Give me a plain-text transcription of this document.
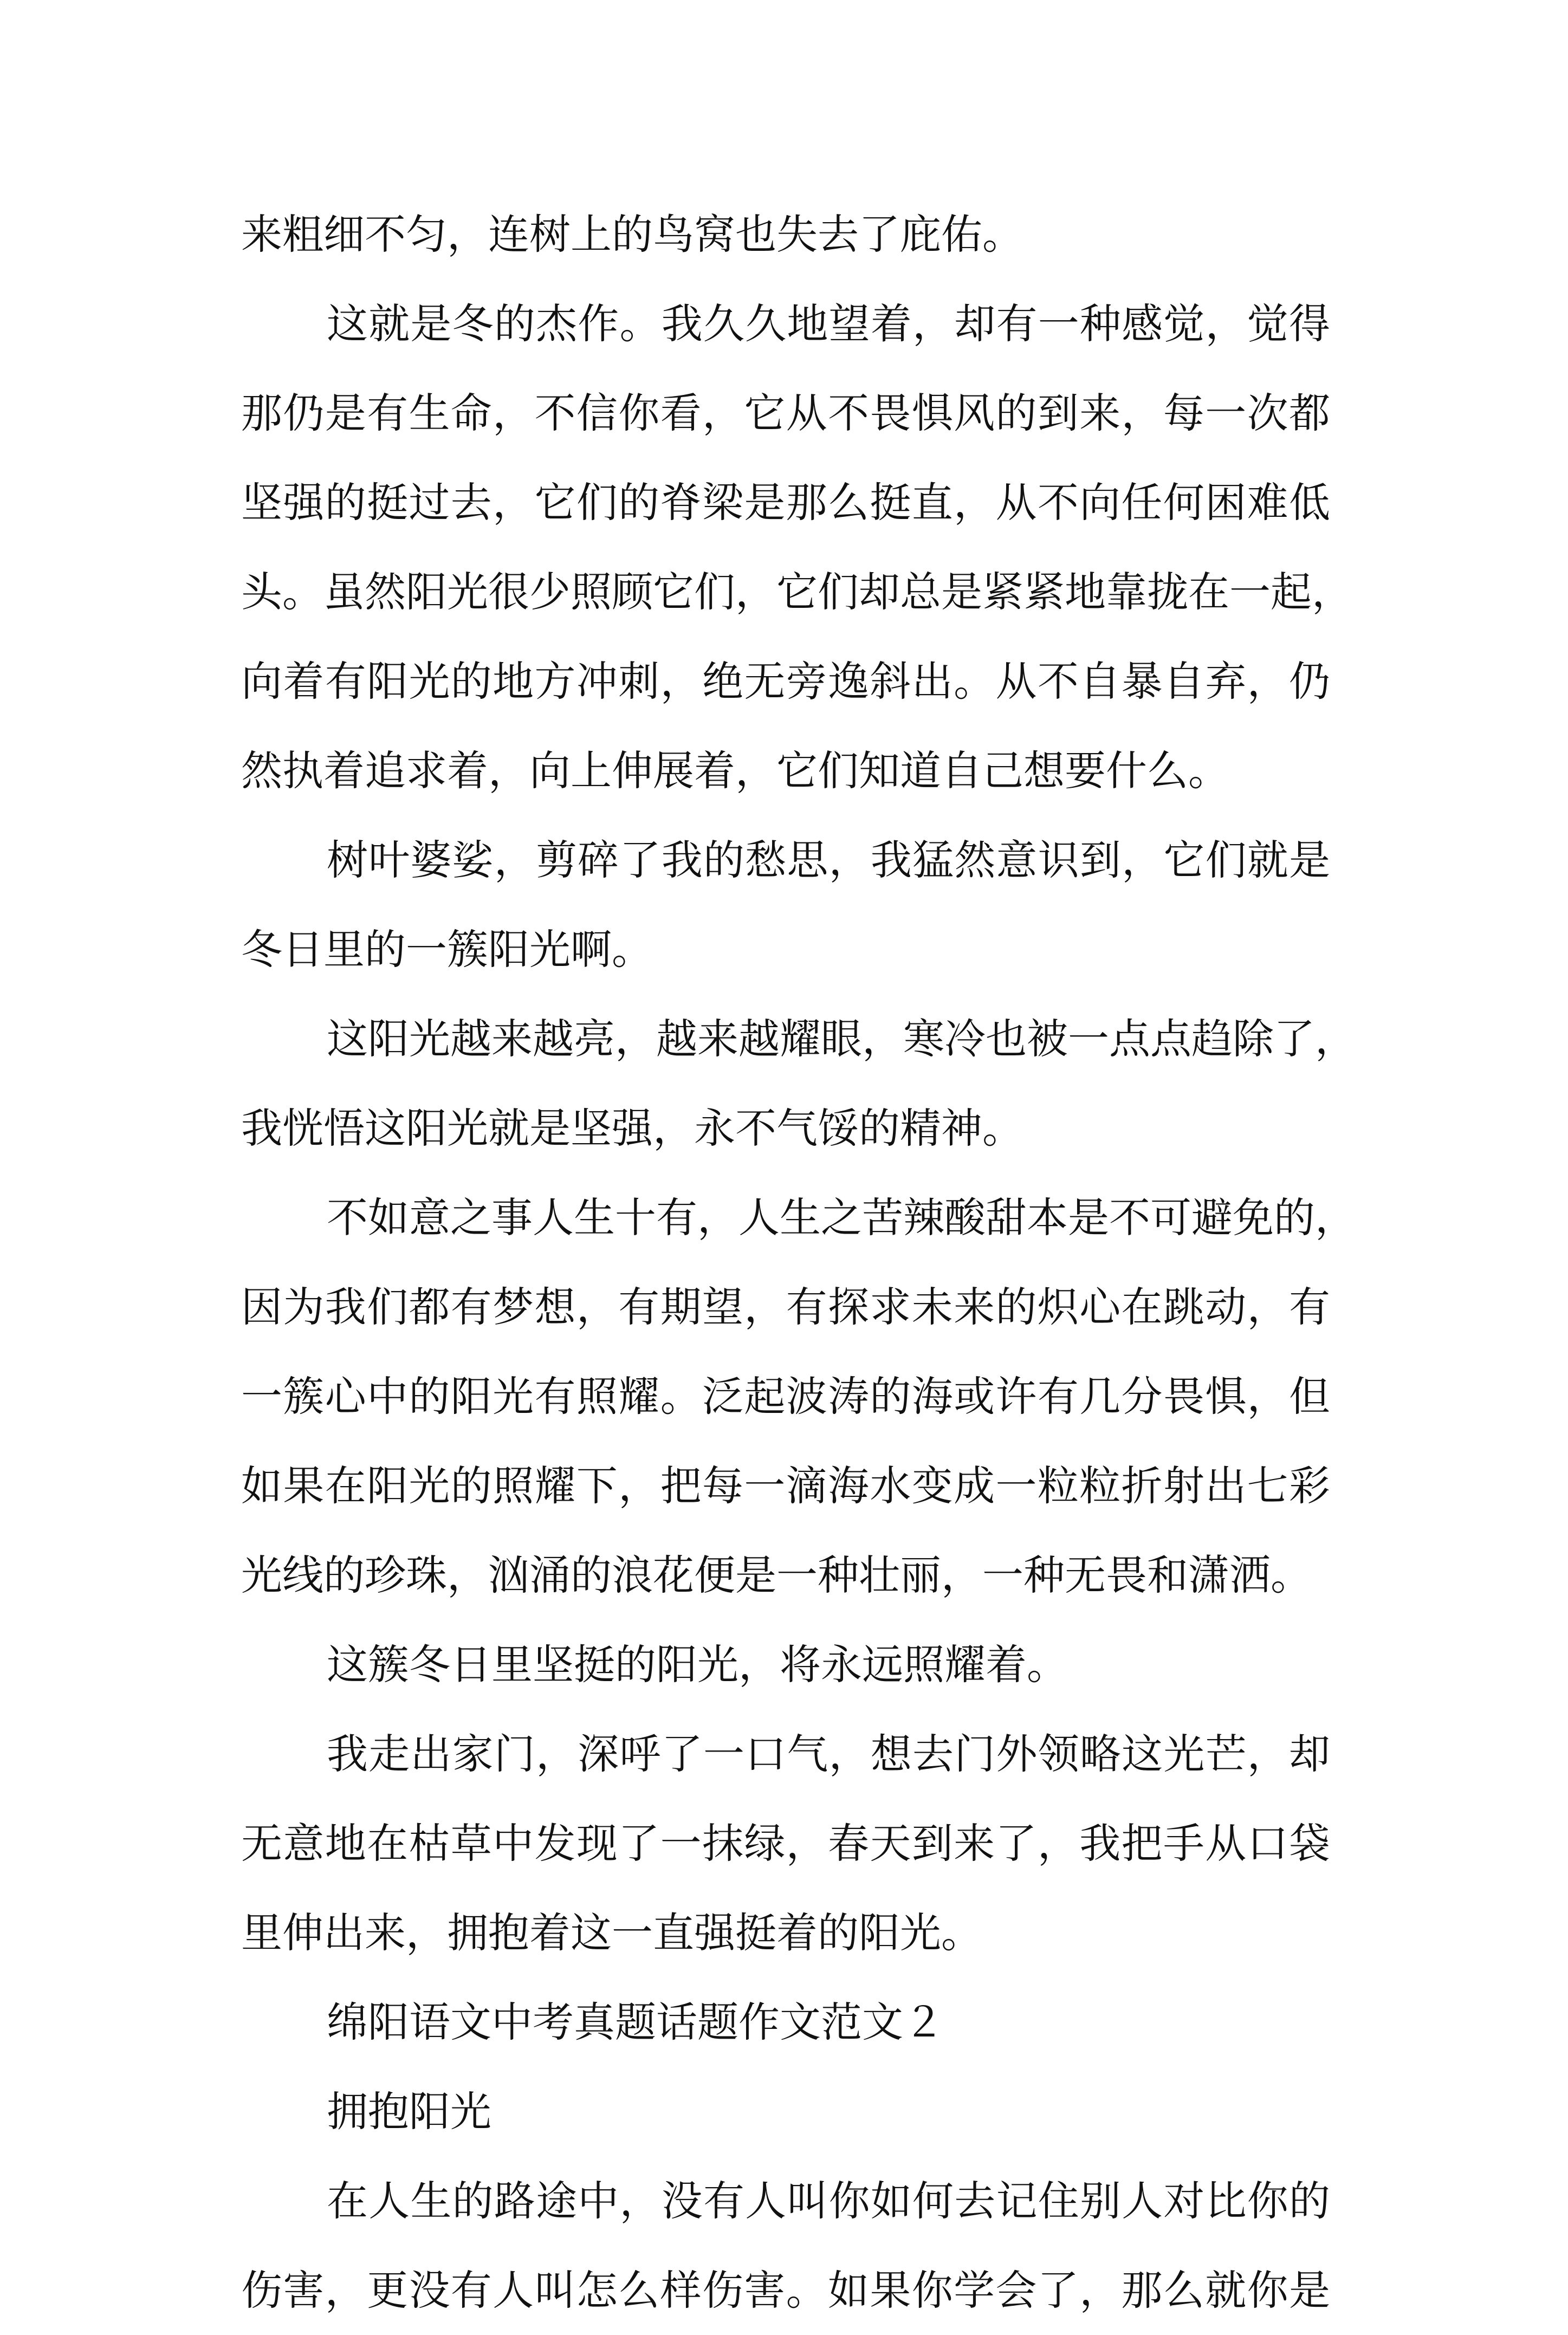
来粗细不匀，连树上的鸟窝也失去了庇佑。
这就是冬的杰作。我久久地望着，却有一种感觉，觉得
那仍是有生命，不信你看，它从不畏惧风的到来，每一次都
坚强的挺过去，它们的脊梁是那么挺直，从不向任何困难低
头。虽然阳光很少照顾它们，它们却总是紧紧地靠拢在一起，
向着有阳光的地方冲刺，绝无旁逸斜出。从不自暴自弃，仍
然执着追求着，向上伸展着，它们知道自己想要什么。
树叶婆娑，剪碎了我的愁思，我猛然意识到，它们就是
冬日里的一簇阳光啊。
这阳光越来越亮，越来越耀眼，寒冷也被一点点趋除了，
我恍悟这阳光就是坚强，永不气馁的精神。
不如意之事人生十有，人生之苦辣酸甜本是不可避免的，
因为我们都有梦想，有期望，有探求未来的炽心在跳动，有
一簇心中的阳光有照耀。泛起波涛的海或许有几分畏惧，但
如果在阳光的照耀下，把每一滴海水变成一粒粒折射出七彩
光线的珍珠，汹涌的浪花便是一种壮丽，一种无畏和潇洒。
这簇冬日里坚挺的阳光，将永远照耀着。
我走出家门，深呼了一口气，想去门外领略这光芒，却
无意地在枯草中发现了一抹绿，春天到来了，我把手从口袋
里伸出来，拥抱着这一直强挺着的阳光。
绵阳语文中考真题话题作文范文２
拥抱阳光
在人生的路途中，没有人叫你如何去记住别人对比你的
伤害，更没有人叫怎么样伤害。如果你学会了，那么就你是
